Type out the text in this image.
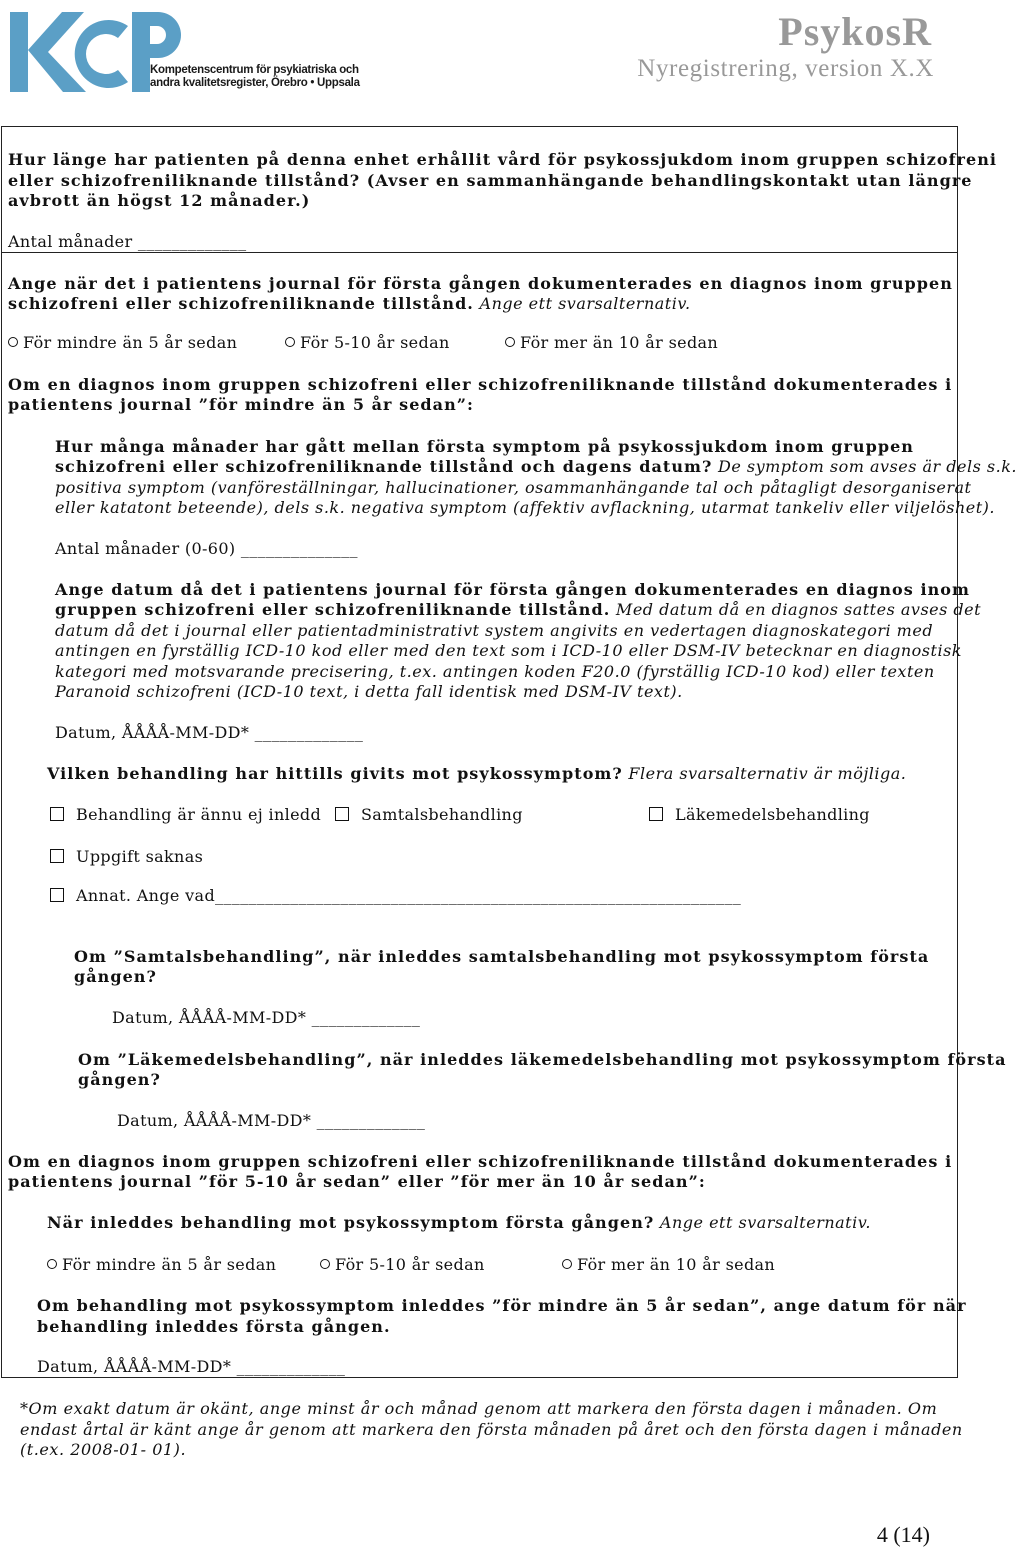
Kompetenscentrum för psykiatriska och
andra kvalitetsregister, Örebro • Uppsala
PsykosR
Nyregistrering, version X.X
Hur länge har patienten på denna enhet erhållit vård för psykossjukdom inom gruppen schizofreni
eller schizofreniliknande tillstånd? (Avser en sammanhängande behandlingskontakt utan längre
avbrott än högst 12 månader.)
Antal månader _____________
Ange när det i patientens journal för första gången dokumenterades en diagnos inom gruppen
schizofreni eller schizofreniliknande tillstånd. Ange ett svarsalternativ.
För mindre än 5 år sedan	För 5-10 år sedan	För mer än 10 år sedan
Om en diagnos inom gruppen schizofreni eller schizofreniliknande tillstånd dokumenterades i
patientens journal ”för mindre än 5 år sedan”:
Hur många månader har gått mellan första symptom på psykossjukdom inom gruppen
schizofreni eller schizofreniliknande tillstånd och dagens datum? De symptom som avses är dels s.k.
positiva symptom (vanföreställningar, hallucinationer, osammanhängande tal och påtagligt desorganiserat
eller katatont beteende), dels s.k. negativa symptom (affektiv avflackning, utarmat tankeliv eller viljelöshet).
Antal månader (0-60) ______________
Ange datum då det i patientens journal för första gången dokumenterades en diagnos inom
gruppen schizofreni eller schizofreniliknande tillstånd. Med datum då en diagnos sattes avses det
datum då det i journal eller patientadministrativt system angivits en vedertagen diagnoskategori med
antingen en fyrställig ICD-10 kod eller med den text som i ICD-10 eller DSM-IV betecknar en diagnostisk
kategori med motsvarande precisering, t.ex. antingen koden F20.0 (fyrställig ICD-10 kod) eller texten
Paranoid schizofreni (ICD-10 text, i detta fall identisk med DSM-IV text).
Datum, ÅÅÅÅ-MM-DD* _____________
Vilken behandling har hittills givits mot psykossymptom? Flera svarsalternativ är möjliga.
Behandling är ännu ej inledd	Samtalsbehandling	Läkemedelsbehandling
Uppgift saknas
Annat. Ange vad_______________________________________________________________
Om ”Samtalsbehandling”, när inleddes samtalsbehandling mot psykossymptom första
gången?
Datum, ÅÅÅÅ-MM-DD* _____________
Om ”Läkemedelsbehandling”, när inleddes läkemedelsbehandling mot psykossymptom första
gången?
Datum, ÅÅÅÅ-MM-DD* _____________
Om en diagnos inom gruppen schizofreni eller schizofreniliknande tillstånd dokumenterades i
patientens journal ”för 5-10 år sedan” eller ”för mer än 10 år sedan”:
När inleddes behandling mot psykossymptom första gången? Ange ett svarsalternativ.
För mindre än 5 år sedan	För 5-10 år sedan	För mer än 10 år sedan
Om behandling mot psykossymptom inleddes ”för mindre än 5 år sedan”, ange datum för när
behandling inleddes första gången.
Datum, ÅÅÅÅ-MM-DD* _____________
*Om exakt datum är okänt, ange minst år och månad genom att markera den första dagen i månaden. Om
endast årtal är känt ange år genom att markera den första månaden på året och den första dagen i månaden
(t.ex. 2008-01- 01).
4 (14)
